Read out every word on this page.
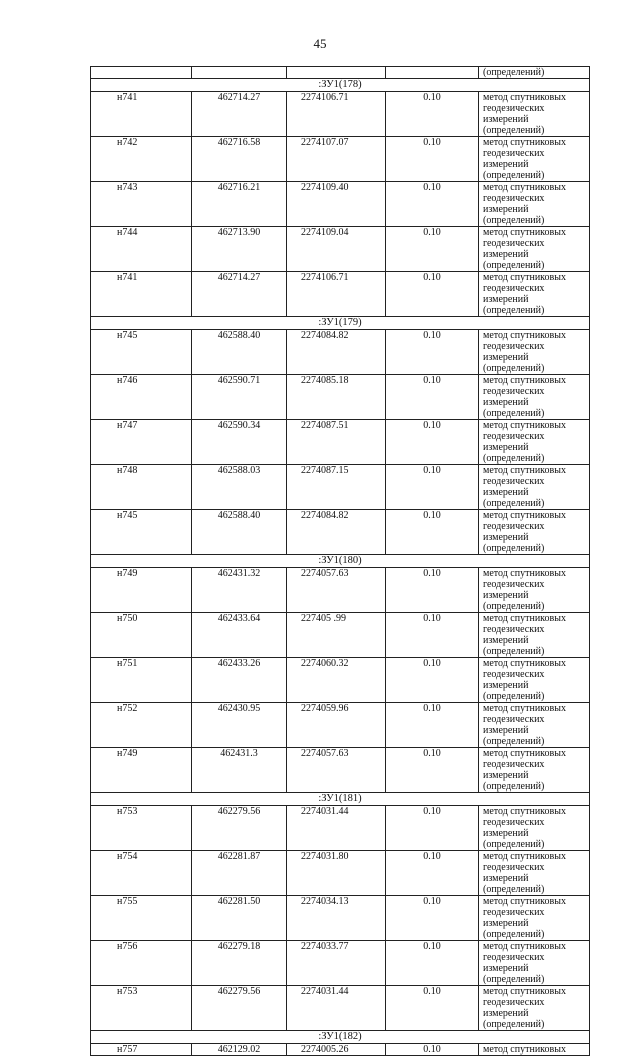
45
				(определений)
:ЗУ1(178)				
н741	462714.27	2274106.71	0.10	метод спутниковых
геодезических измерений
(определений)

н742	462716.58	2274107.07	0.10	метод спутниковых
геодезических измерений
(определений)

н743	462716.21	2274109.40	0.10	метод спутниковых
геодезических измерений
(определений)

н744	462713.90	2274109.04	0.10	метод спутниковых
геодезических измерений
(определений)

н741	462714.27	2274106.71	0.10	метод спутниковых
геодезических измерений
(определений)

:ЗУ1(179)				
н745	462588.40	2274084.82	0.10	метод спутниковых
геодезических измерений
(определений)

н746	462590.71	2274085.18	0.10	метод спутниковых
геодезических измерений
(определений)

н747	462590.34	2274087.51	0.10	метод спутниковых
геодезических измерений
(определений)

н748	462588.03	2274087.15	0.10	метод спутниковых
геодезических измерений
(определений)

н745	462588.40	2274084.82	0.10	метод спутниковых
геодезических измерений
(определений)

:ЗУ1(180)				
н749	462431.32	2274057.63	0.10	метод спутниковых
геодезических измерений
(определений)

н750	462433.64	227405 .99	0.10	метод спутниковых
геодезических измерений
(определений)

н751	462433.26	2274060.32	0.10	метод спутниковых
геодезических измерений
(определений)

н752	462430.95	2274059.96	0.10	метод спутниковых
геодезических измерений
(определений)

н749	462431.3	2274057.63	0.10	метод спутниковых
геодезических измерений
(определений)

:ЗУ1(181)				
н753	462279.56	2274031.44	0.10	метод спутниковых
геодезических измерений
(определений)

н754	462281.87	2274031.80	0.10	метод спутниковых
геодезических измерений
(определений)

н755	462281.50	2274034.13	0.10	метод спутниковых
геодезических измерений
(определений)

н756	462279.18	2274033.77	0.10	метод спутниковых
геодезических измерений
(определений)

н753	462279.56	2274031.44	0.10	метод спутниковых
геодезических измерений
(определений)

:ЗУ1(182)				
н757	462129.02	2274005.26	0.10	метод спутниковых
